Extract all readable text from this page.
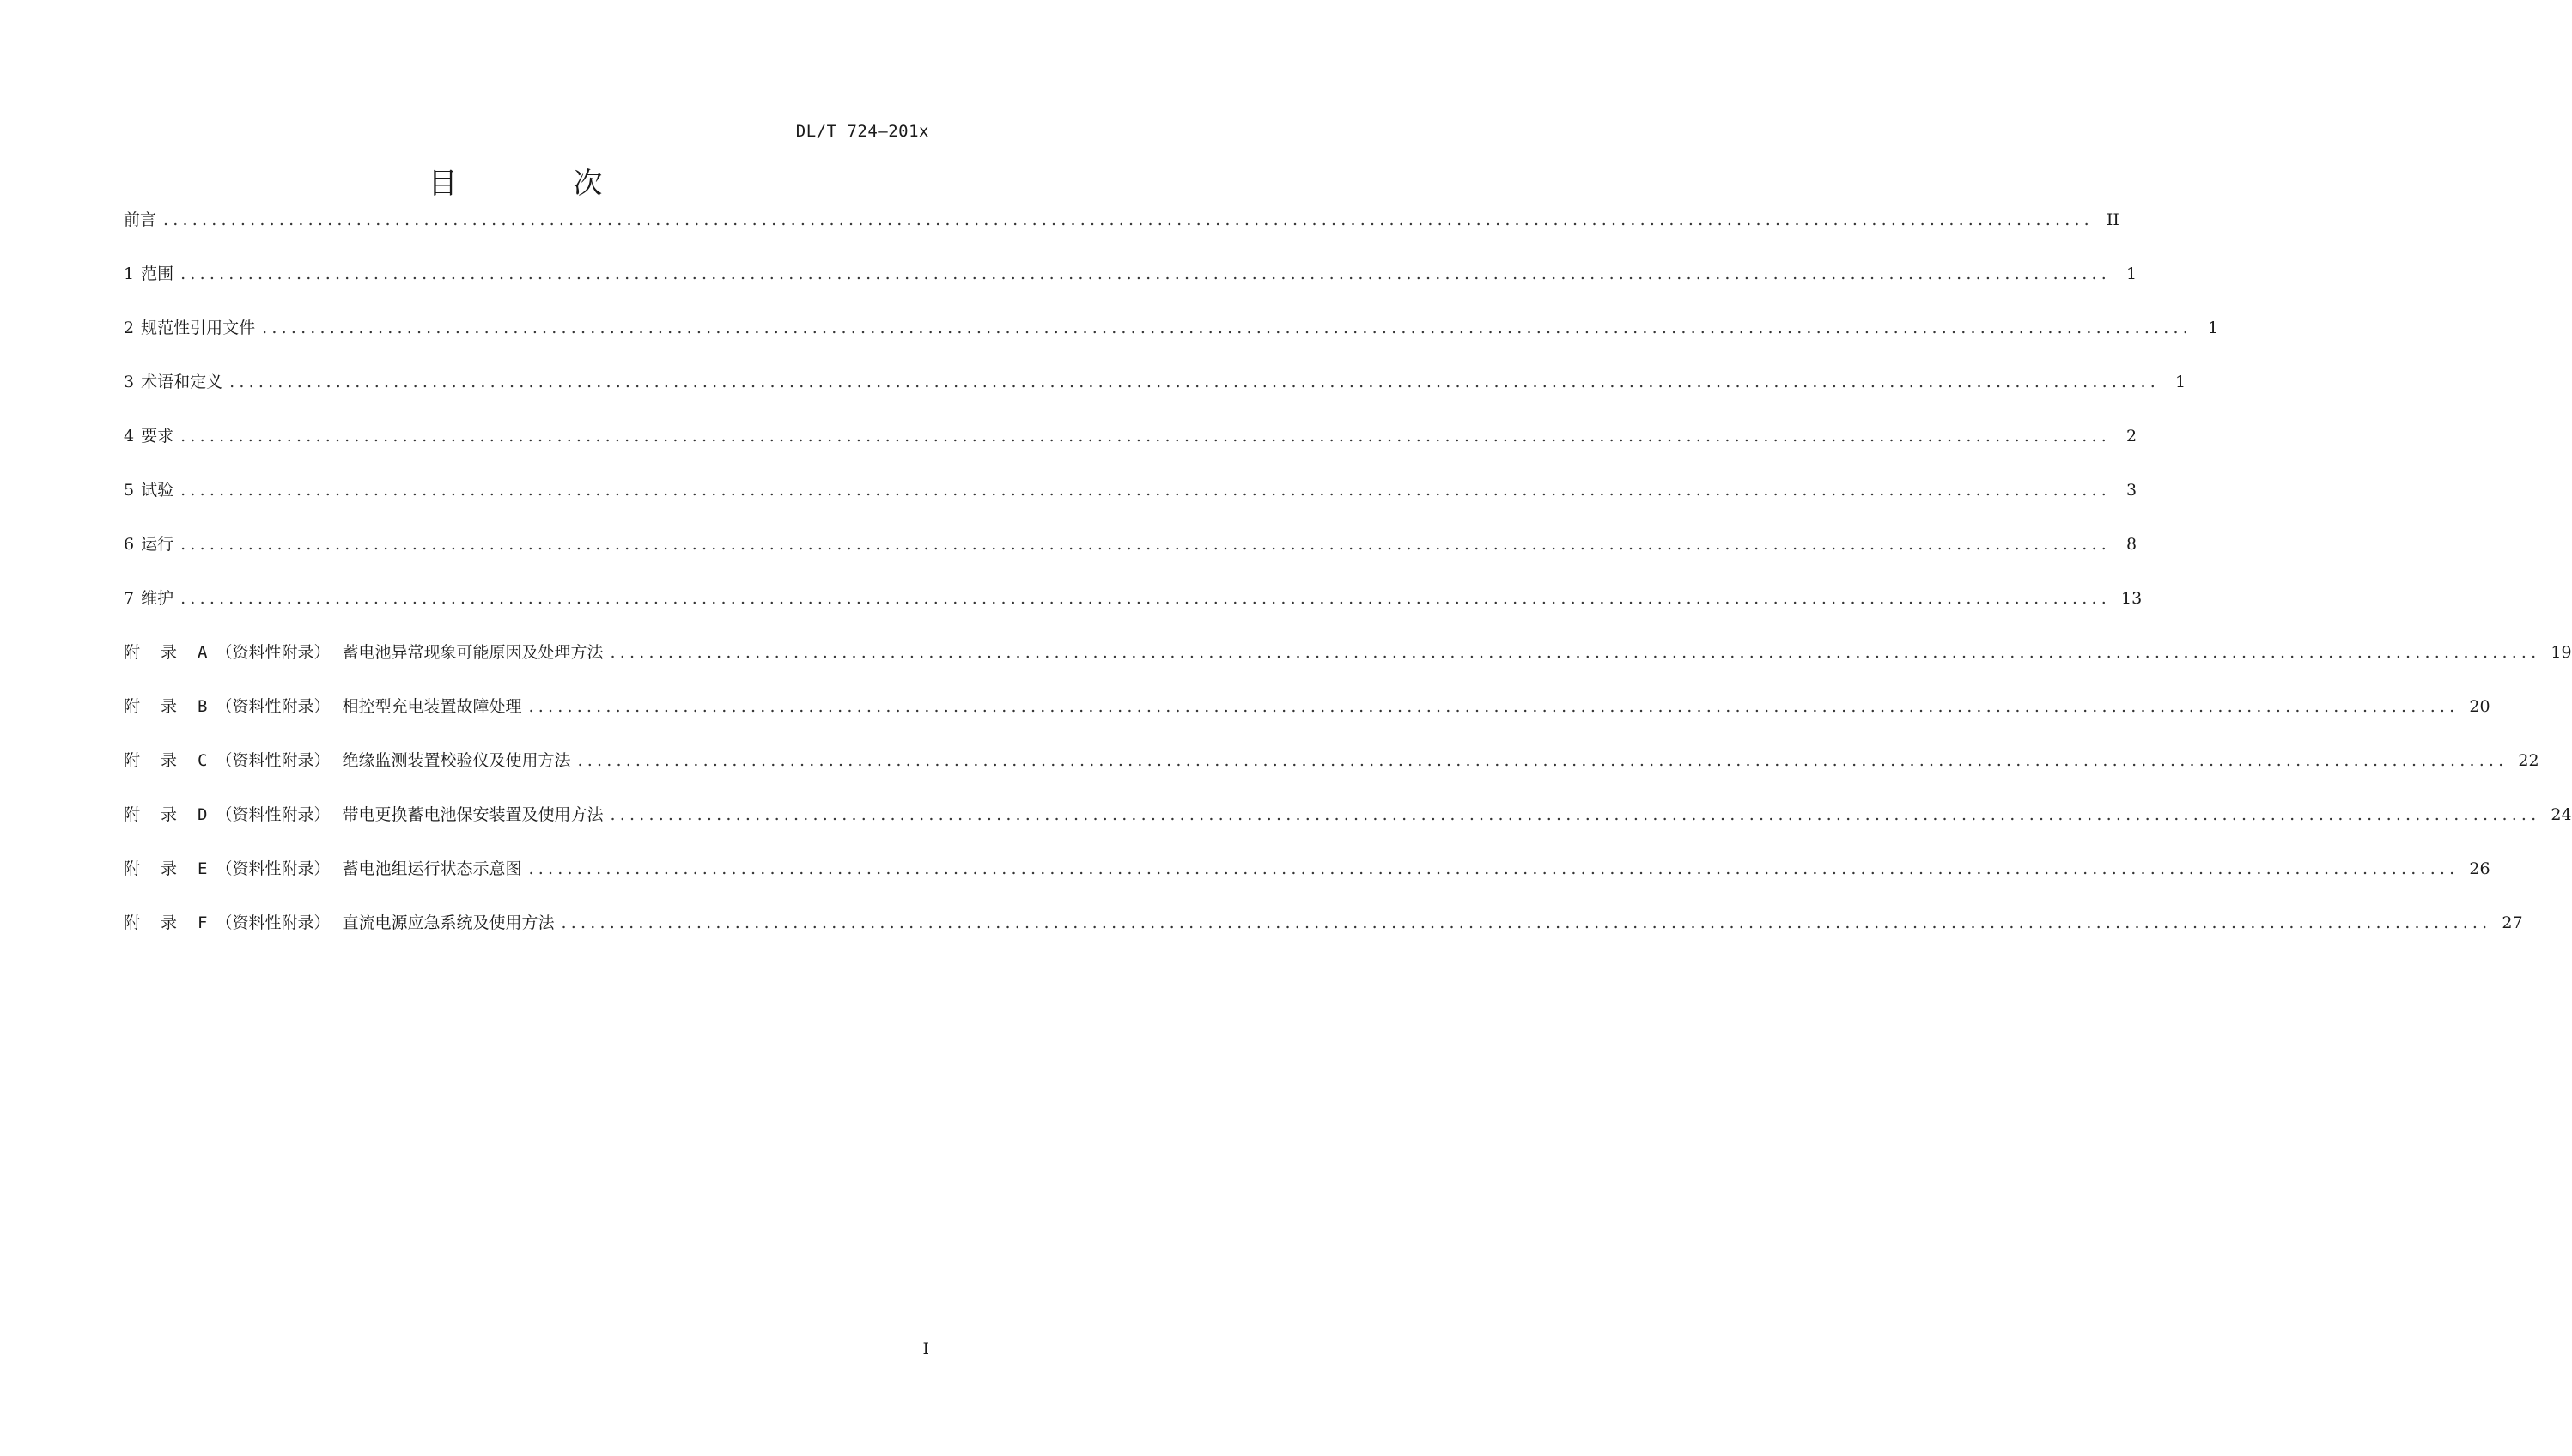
DL/T 724—201x
目 次
前言 ........................................................................................................................................................................................................ II
1 范围 ........................................................................................................................................................................................................ 1
2 规范性引用文件 ........................................................................................................................................................................................................ 1
3 术语和定义 ........................................................................................................................................................................................................ 1
4 要求 ........................................................................................................................................................................................................ 2
5 试验 ........................................................................................................................................................................................................ 3
6 运行 ........................................................................................................................................................................................................ 8
7 维护 ........................................................................................................................................................................................................ 13
附录 A （资料性附录） 蓄电池异常现象可能原因及处理方法 ........................................................................................................................................................................................................ 19
附录 B （资料性附录） 相控型充电装置故障处理 ........................................................................................................................................................................................................ 20
附录 C （资料性附录） 绝缘监测装置校验仪及使用方法 ........................................................................................................................................................................................................ 22
附录 D （资料性附录） 带电更换蓄电池保安装置及使用方法 ........................................................................................................................................................................................................ 24
附录 E （资料性附录） 蓄电池组运行状态示意图 ........................................................................................................................................................................................................ 26
附录 F （资料性附录） 直流电源应急系统及使用方法 ........................................................................................................................................................................................................ 27
I
